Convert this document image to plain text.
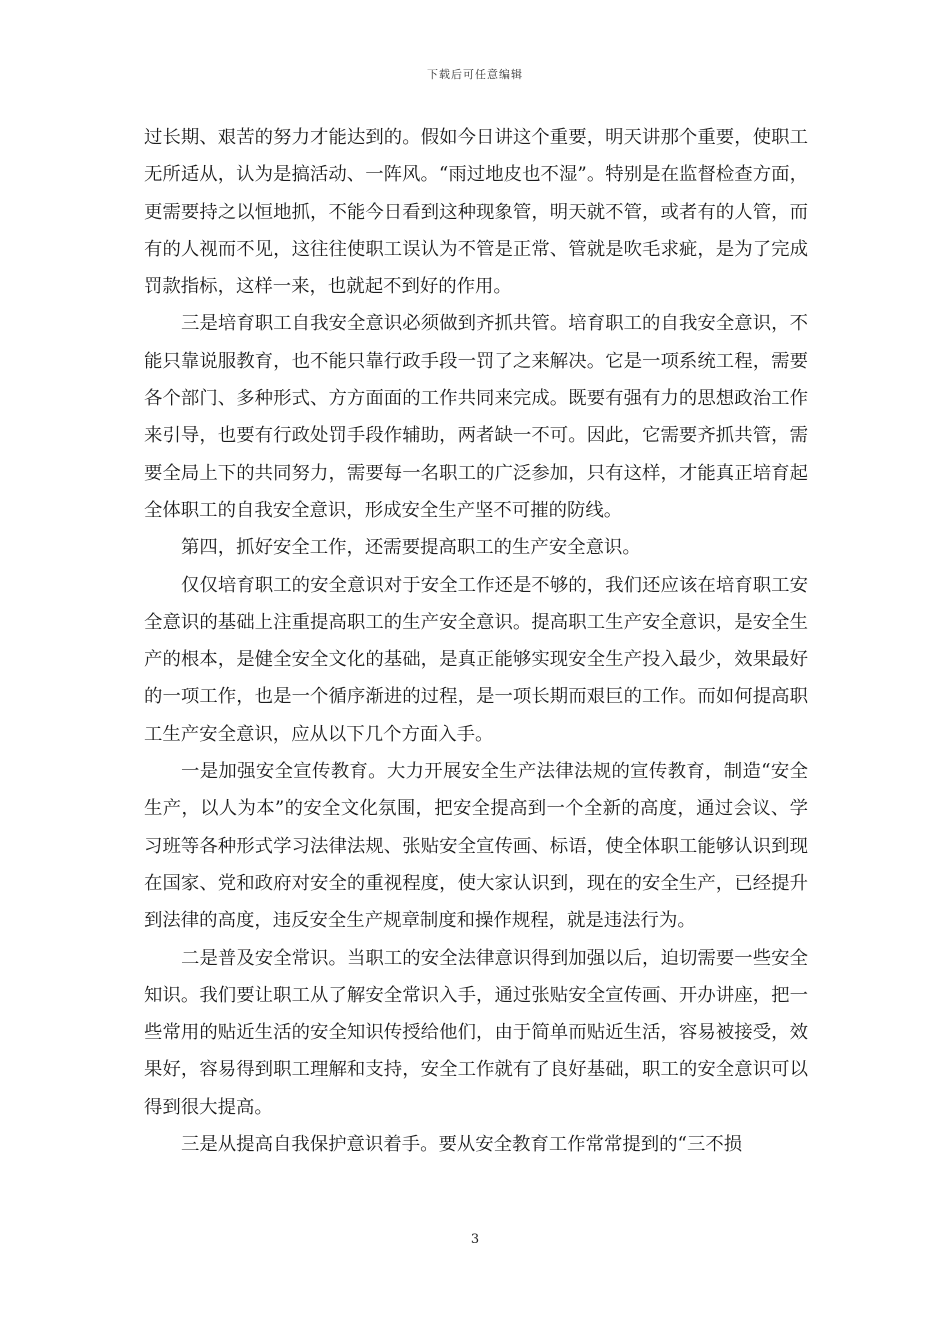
下载后可任意编辑

过长期、艰苦的努力才能达到的。假如今日讲这个重要，明天讲那个重要，使职工无所适从，认为是搞活动、一阵风。“雨过地皮也不湿”。特别是在监督检查方面，更需要持之以恒地抓，不能今日看到这种现象管，明天就不管，或者有的人管，而有的人视而不见，这往往使职工误认为不管是正常、管就是吹毛求疵，是为了完成罚款指标，这样一来，也就起不到好的作用。

三是培育职工自我安全意识必须做到齐抓共管。培育职工的自我安全意识，不能只靠说服教育，也不能只靠行政手段一罚了之来解决。它是一项系统工程，需要各个部门、多种形式、方方面面的工作共同来完成。既要有强有力的思想政治工作来引导，也要有行政处罚手段作辅助，两者缺一不可。因此，它需要齐抓共管，需要全局上下的共同努力，需要每一名职工的广泛参加，只有这样，才能真正培育起全体职工的自我安全意识，形成安全生产坚不可摧的防线。

第四，抓好安全工作，还需要提高职工的生产安全意识。

仅仅培育职工的安全意识对于安全工作还是不够的，我们还应该在培育职工安全意识的基础上注重提高职工的生产安全意识。提高职工生产安全意识，是安全生产的根本，是健全安全文化的基础，是真正能够实现安全生产投入最少，效果最好的一项工作，也是一个循序渐进的过程，是一项长期而艰巨的工作。而如何提高职工生产安全意识，应从以下几个方面入手。

一是加强安全宣传教育。大力开展安全生产法律法规的宣传教育，制造“安全生产，以人为本”的安全文化氛围，把安全提高到一个全新的高度，通过会议、学习班等各种形式学习法律法规、张贴安全宣传画、标语，使全体职工能够认识到现在国家、党和政府对安全的重视程度，使大家认识到，现在的安全生产，已经提升到法律的高度，违反安全生产规章制度和操作规程，就是违法行为。

二是普及安全常识。当职工的安全法律意识得到加强以后，迫切需要一些安全知识。我们要让职工从了解安全常识入手，通过张贴安全宣传画、开办讲座，把一些常用的贴近生活的安全知识传授给他们，由于简单而贴近生活，容易被接受，效果好，容易得到职工理解和支持，安全工作就有了良好基础，职工的安全意识可以得到很大提高。

三是从提高自我保护意识着手。要从安全教育工作常常提到的“三不损

3
